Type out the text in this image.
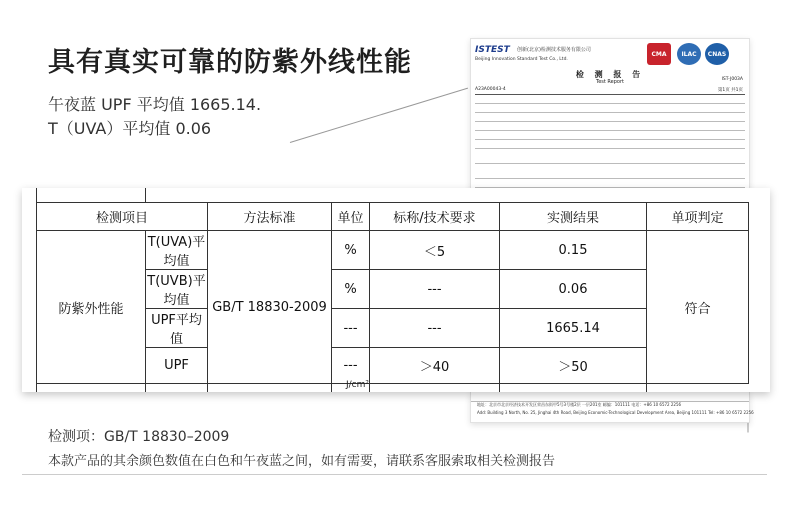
具有真实可靠的防紫外线性能
午夜蓝 UPF 平均值 1665.14.
T（UVA）平均值 0.06
ISTEST 创新(北京)检测技术服务有限公司
Beijing Innovation Standard Test Co., Ltd.
CMA	ILAC	CNAS
检 测 报 告
Test Report	IST-J003A
A23A00043-4	第1页 共1页
地址：北京市北京经济技术开发区荣昌东街甲5号3号楼2层 一层201室 邮编：101111 电话：+86 10 6572 2256
Add: Building 3 North, No. 25, Jinghai 4th Road, Beijing Economic-Technological Development Area, Beijing 101111 Tel: +86 10 6572 2256
检测项目		方法标准	单位	标称/技术要求	实测结果	单项判定
防紫外性能	T(UVA)平均值	GB/T 18830-2009	%	＜5	0.15	符合
	T(UVB)平均值		%	---	0.06	
	UPF平均值		---	---	1665.14	
	UPF		---	＞40	＞50	
J/cm²
检测项：GB/T 18830–2009
本款产品的其余颜色数值在白色和午夜蓝之间，如有需要，请联系客服索取相关检测报告
